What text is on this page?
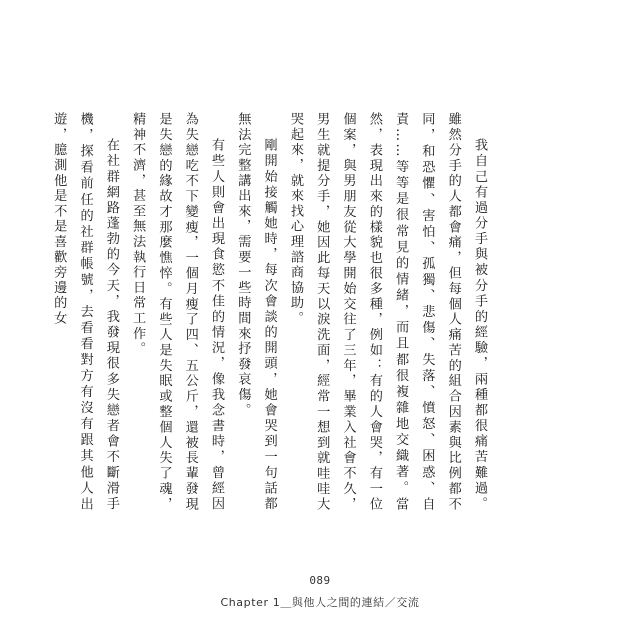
我自己有過分手與被分手的經驗，兩種都很痛苦難過。雖然分手的人都會痛，但每個人痛苦的組合因素與比例都不同，和恐懼、害怕、孤獨、悲傷、失落、憤怒、困惑、自責……等等是很常見的情緒，而且都很複雜地交織著。當然，表現出來的樣貌也很多種，例如：有的人會哭，有一位個案，與男朋友從大學開始交往了三年，畢業入社會不久，男生就提分手，她因此每天以淚洗面，經常一想到就哇哇大哭起來，就來找心理諮商協助。

剛開始接觸她時，每次會談的開頭，她會哭到一句話都無法完整講出來，需要一些時間來抒發哀傷。

有些人則會出現食慾不佳的情況，像我念書時，曾經因為失戀吃不下變瘦，一個月瘦了四、五公斤，還被長輩發現是失戀的緣故才那麼憔悴。有些人是失眠或整個人失了魂，精神不濟，甚至無法執行日常工作。

在社群網路蓬勃的今天，我發現很多失戀者會不斷滑手機，探看前任的社群帳號，去看看對方有沒有跟其他人出遊，臆測他是不是喜歡旁邊的女

089
Chapter 1＿與他人之間的連結／交流
